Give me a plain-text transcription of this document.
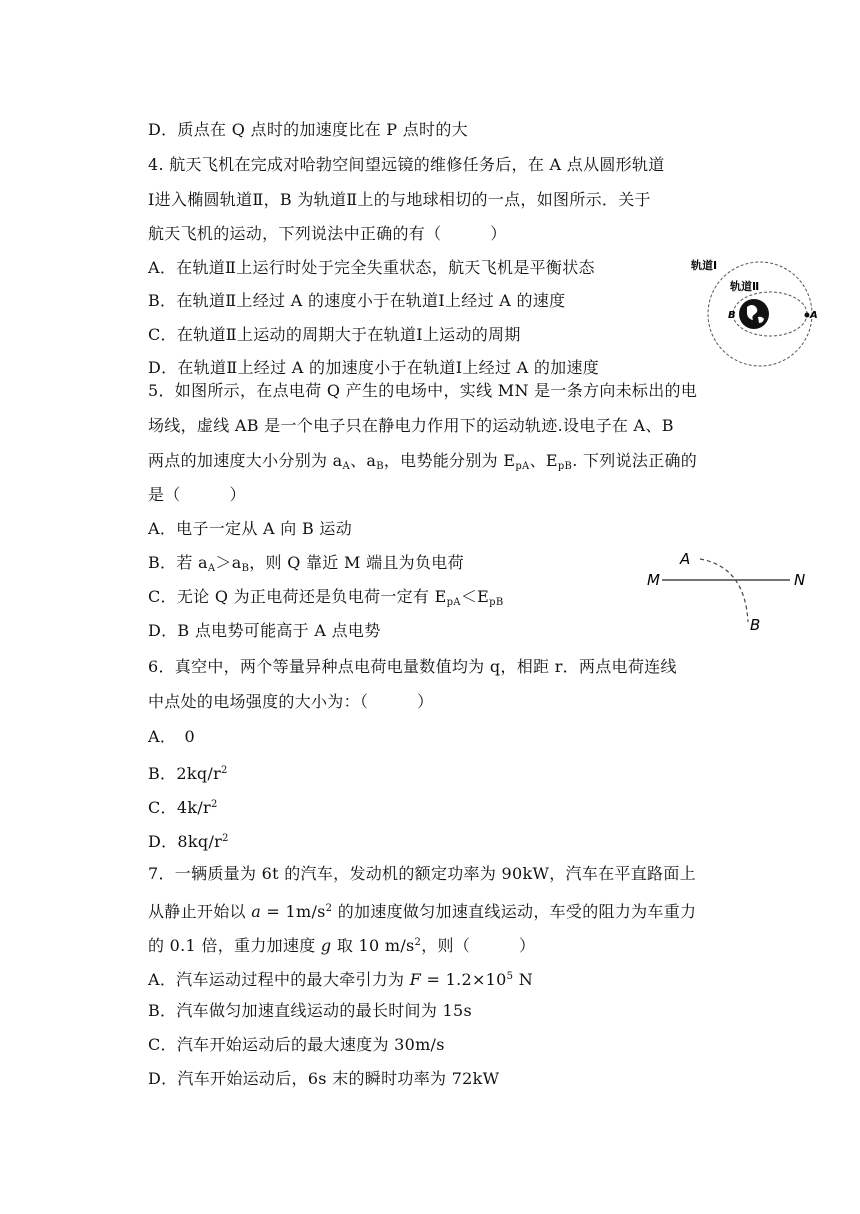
D．质点在 Q 点时的加速度比在 P 点时的大
4. 航天飞机在完成对哈勃空间望远镜的维修任务后，在 A 点从圆形轨道
Ⅰ进入椭圆轨道Ⅱ，B 为轨道Ⅱ上的与地球相切的一点，如图所示．关于
航天飞机的运动，下列说法中正确的有（　　　）
A．在轨道Ⅱ上运行时处于完全失重状态，航天飞机是平衡状态
B．在轨道Ⅱ上经过 A 的速度小于在轨道Ⅰ上经过 A 的速度
C．在轨道Ⅱ上运动的周期大于在轨道Ⅰ上运动的周期
D．在轨道Ⅱ上经过 A 的加速度小于在轨道Ⅰ上经过 A 的加速度
轨道Ⅰ
轨道Ⅱ
B	A
5．如图所示，在点电荷 Q 产生的电场中，实线 MN 是一条方向未标出的电
场线，虚线 AB 是一个电子只在静电力作用下的运动轨迹.设电子在 A、B
两点的加速度大小分别为 $a_A$、$a_B$，电势能分别为 $E_{pA}$、$E_{pB}$. 下列说法正确的
是（　　　）
A．电子一定从 A 向 B 运动
B．若 $a_A>a_B$，则 Q 靠近 M 端且为负电荷
C．无论 Q 为正电荷还是负电荷一定有 $E_{pA}<E_{pB}$
D．B 点电势可能高于 A 点电势
M	N
A
B
6．真空中，两个等量异种点电荷电量数值均为 q，相距 r．两点电荷连线
中点处的电场强度的大小为：（　　　）
A．　0
B．$2kq/r^2$
C．$4k/r^2$
D．$8kq/r^2$
7．一辆质量为 6t 的汽车，发动机的额定功率为 90kW，汽车在平直路面上
从静止开始以 $a = 1m/s^2$ 的加速度做匀加速直线运动，车受的阻力为车重力
的 0.1 倍，重力加速度 g 取 10 $m/s^2$，则（　　　）
A．汽车运动过程中的最大牵引力为 $F = 1.2\times 10^5$ N
B．汽车做匀加速直线运动的最长时间为 15s
C．汽车开始运动后的最大速度为 30m/s
D．汽车开始运动后，6s 末的瞬时功率为 72kW
